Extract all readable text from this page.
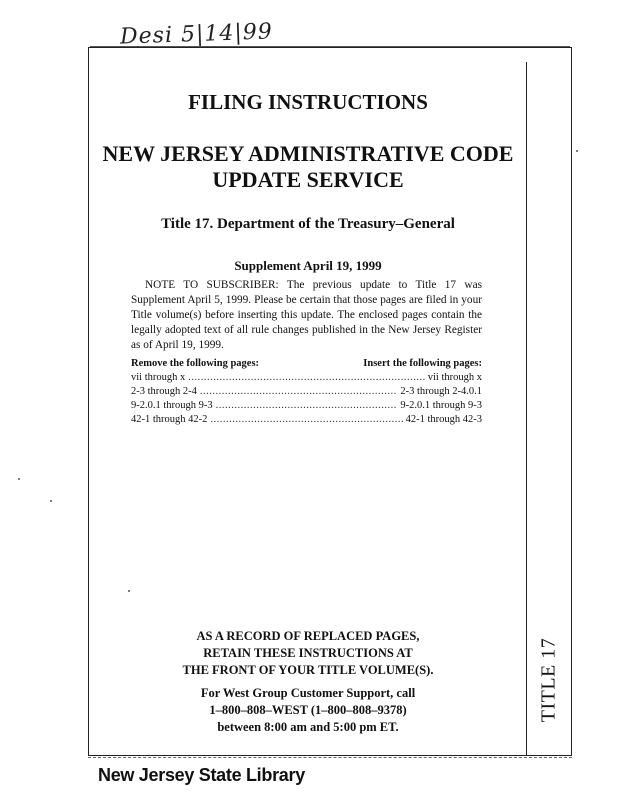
Desi 5|14|99
TITLE 17
FILING INSTRUCTIONS
NEW JERSEY ADMINISTRATIVE CODE
UPDATE SERVICE
Title 17. Department of the Treasury–General
Supplement April 19, 1999
NOTE TO SUBSCRIBER: The previous update to Title 17 was Supplement April 5, 1999. Please be certain that those pages are filed in your Title volume(s) before inserting this update. The enclosed pages contain the legally adopted text of all rule changes published in the New Jersey Register as of April 19, 1999.
Remove the following pages:	Insert the following pages:
vii through x .....	vii through x
2-3 through 2-4 .....	2-3 through 2-4.0.1
9-2.0.1 through 9-3 .....	9-2.0.1 through 9-3
42-1 through 42-2 .....	42-1 through 42-3
AS A RECORD OF REPLACED PAGES,
RETAIN THESE INSTRUCTIONS AT
THE FRONT OF YOUR TITLE VOLUME(S).
For West Group Customer Support, call
1–800–808–WEST (1–800–808–9378)
between 8:00 am and 5:00 pm ET.
New Jersey State Library
